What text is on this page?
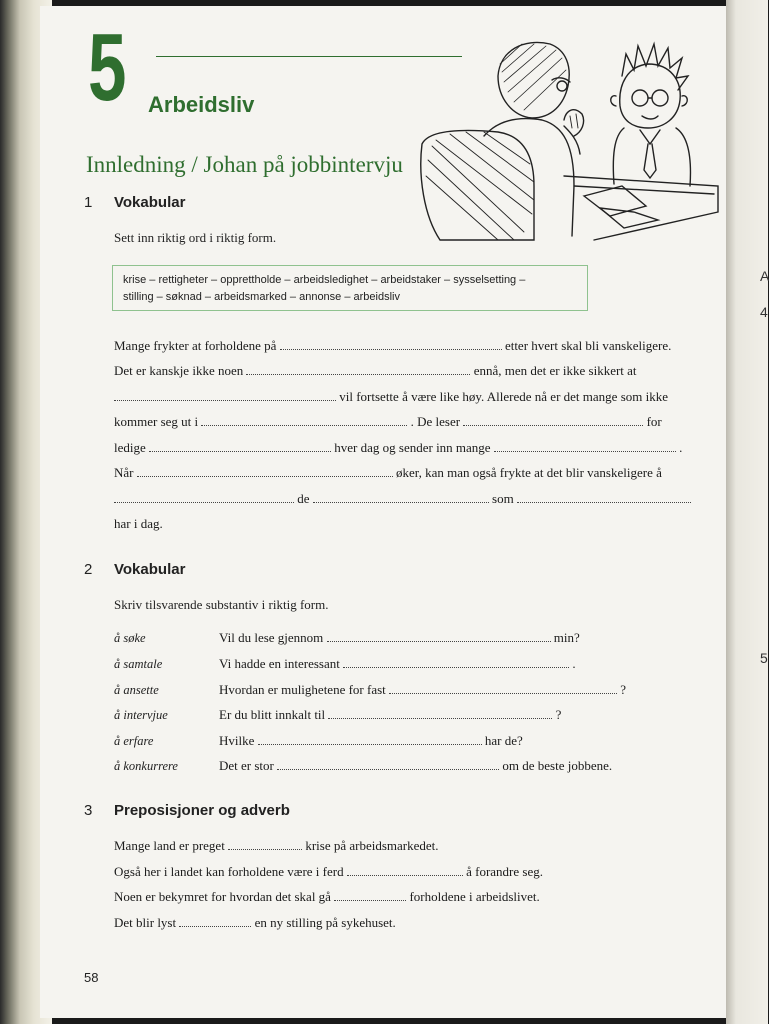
A
4
5
5 Arbeidsliv
Innledning / Johan på jobbintervju
1 Vokabular
Sett inn riktig ord i riktig form.
krise – rettigheter – opprettholde – arbeidsledighet – arbeidstaker – sysselsetting –
stilling – søknad – arbeidsmarked – annonse – arbeidsliv
Mange frykter at forholdene på	etter hvert skal bli vanskeligere.
Det er kanskje ikke noen	ennå, men det er ikke sikkert at
vil fortsette å være like høy. Allerede nå er det mange som ikke
kommer seg ut i	. De leser	for
ledige	hver dag og sender inn mange	.
Når	øker, kan man også frykte at det blir vanskeligere å
de	som
har i dag.
2 Vokabular
Skriv tilsvarende substantiv i riktig form.
å søke	Vil du lese gjennom	min?
å samtale	Vi hadde en interessant	.
å ansette	Hvordan er mulighetene for fast	?
å intervjue	Er du blitt innkalt til	?
å erfare	Hvilke	har de?
å konkurrere	Det er stor	om de beste jobbene.
3 Preposisjoner og adverb
Mange land er preget	krise på arbeidsmarkedet.
Også her i landet kan forholdene være i ferd	å forandre seg.
Noen er bekymret for hvordan det skal gå	forholdene i arbeidslivet.
Det blir lyst	en ny stilling på sykehuset.
58
